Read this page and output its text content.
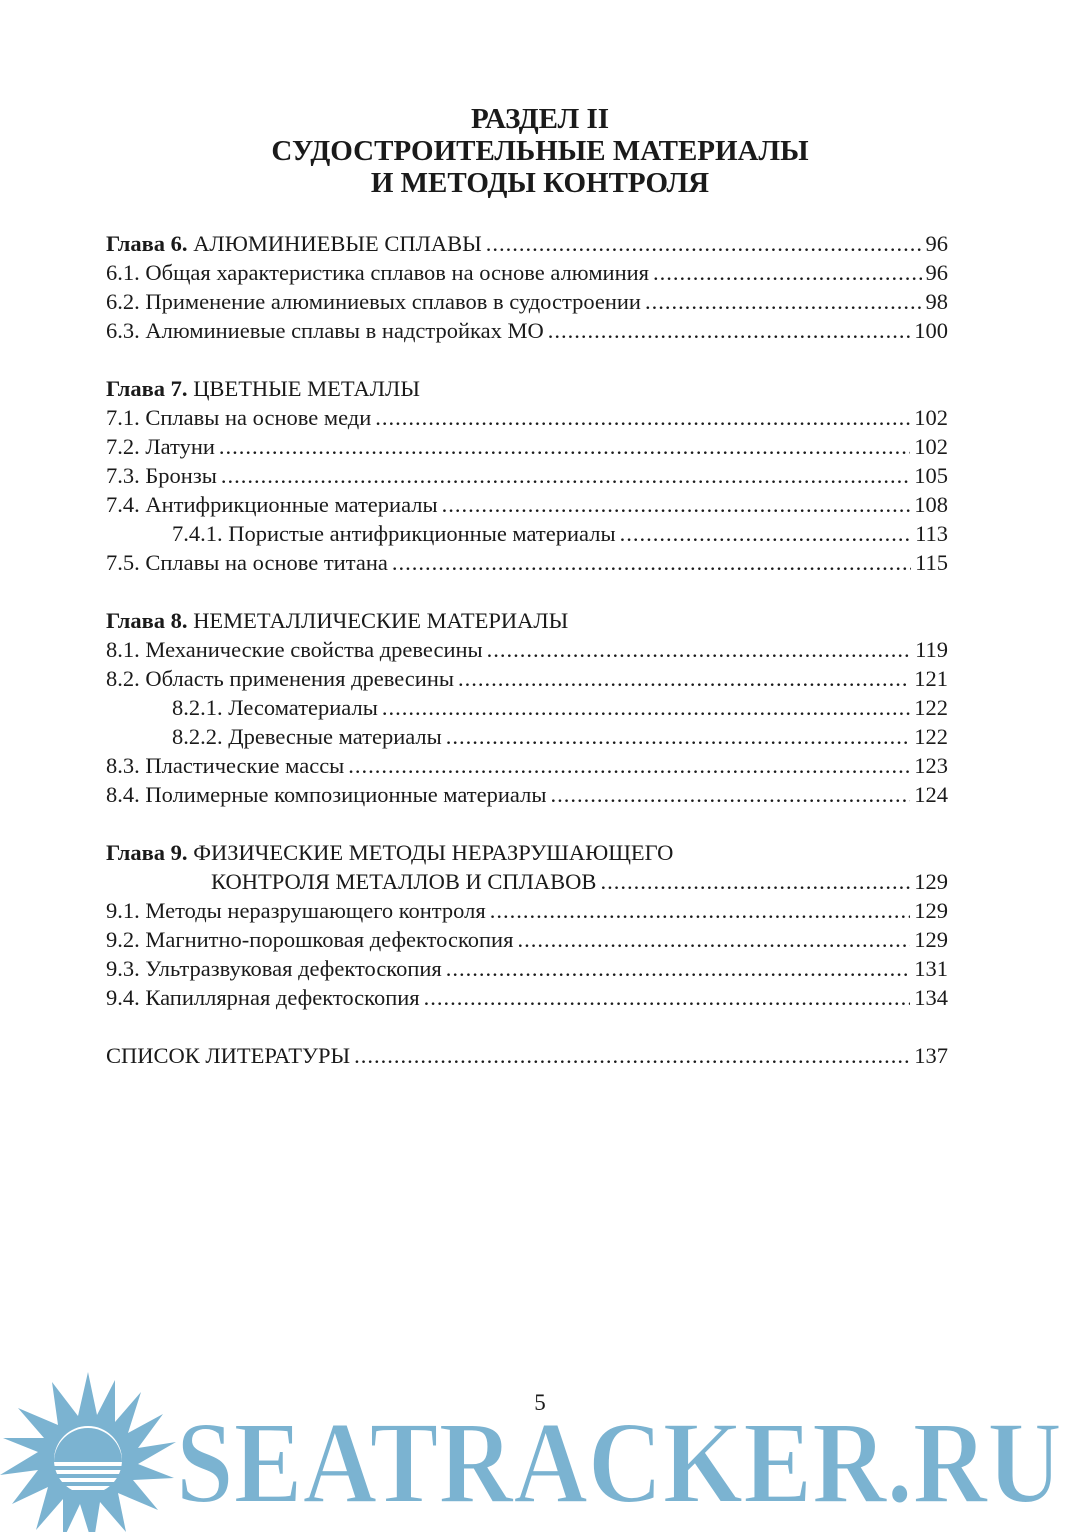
РАЗДЕЛ II
СУДОСТРОИТЕЛЬНЫЕ МАТЕРИАЛЫ
И МЕТОДЫ КОНТРОЛЯ
Глава 6. АЛЮМИНИЕВЫЕ СПЛАВЫ .....	96
6.1. Общая характеристика сплавов на основе алюминия .....	96
6.2. Применение алюминиевых сплавов в судостроении .....	98
6.3. Алюминиевые сплавы в надстройках МО .....	100
Глава 7. ЦВЕТНЫЕ МЕТАЛЛЫ
7.1. Сплавы на основе меди .....	102
7.2. Латуни .....	102
7.3. Бронзы .....	105
7.4. Антифрикционные материалы .....	108
7.4.1. Пористые антифрикционные материалы .....	113
7.5. Сплавы на основе титана .....	115
Глава 8. НЕМЕТАЛЛИЧЕСКИЕ МАТЕРИАЛЫ
8.1. Механические свойства древесины .....	119
8.2. Область применения древесины .....	121
8.2.1. Лесоматериалы .....	122
8.2.2. Древесные материалы .....	122
8.3. Пластические массы .....	123
8.4. Полимерные композиционные материалы .....	124
Глава 9. ФИЗИЧЕСКИЕ МЕТОДЫ НЕРАЗРУШАЮЩЕГО
КОНТРОЛЯ МЕТАЛЛОВ И СПЛАВОВ .....	129
9.1. Методы неразрушающего контроля .....	129
9.2. Магнитно-порошковая дефектоскопия .....	129
9.3. Ультразвуковая дефектоскопия .....	131
9.4. Капиллярная дефектоскопия .....	134
СПИСОК ЛИТЕРАТУРЫ .....	137
SEATRACKER.RU
5
